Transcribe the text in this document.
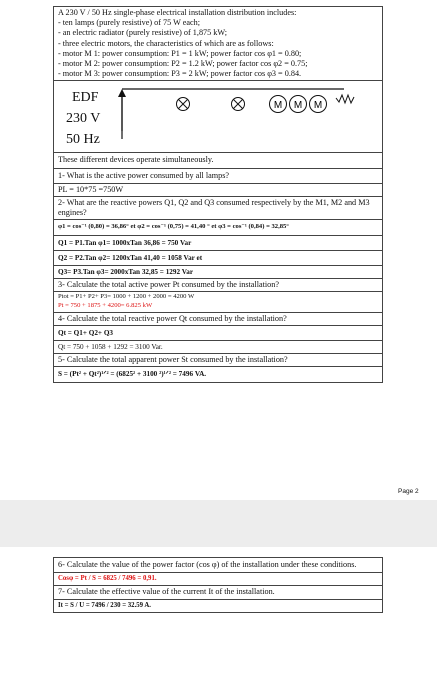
A 230 V / 50 Hz single-phase electrical installation distribution includes:
- ten lamps (purely resistive) of 75 W each;
- an electric radiator (purely resistive) of 1,875 kW;
- three electric motors, the characteristics of which are as follows:
- motor M 1: power consumption: P1 = 1 kW; power factor cos φ1 = 0.80;
- motor M 2: power consumption: P2 = 1.2 kW; power factor cos φ2 = 0.75;
- motor M 3: power consumption: P3 = 2 kW; power factor cos φ3 = 0.84.
EDF
230 V
50 Hz
M M M
These different devices operate simultaneously.
1- What is the active power consumed by all lamps?
PL = 10*75 =750W
2- What are the reactive powers Q1, Q2 and Q3 consumed respectively by the M1, M2 and M3 engines?
φ1 = cos⁻¹ (0,80) = 36,86° et φ2 = cos⁻¹ (0,75) = 41,40 ° et φ3 = cos⁻¹ (0,84) = 32,85°
Q1 = P1.Tan φ1= 1000xTan 36,86 = 750 Var
Q2 = P2.Tan φ2= 1200xTan 41,40 = 1058 Var et
Q3= P3.Tan φ3= 2000xTan 32,85 = 1292 Var
3- Calculate the total active power Pt consumed by the installation?
Ptot = P1+ P2+ P3= 1000 + 1200 + 2000 = 4200 W
Pt = 750 + 1875 + 4200= 6.825 kW
4- Calculate the total reactive power Qt consumed by the installation?
Qt = Q1+ Q2+ Q3
Qt = 750 + 1058 + 1292 = 3100 Var.
5- Calculate the total apparent power St consumed by the installation?
S = (Pt² + Qt²)¹ᐟ² = (6825² + 3100 ²)¹ᐟ² = 7496 VA.
Page 2
6- Calculate the value of the power factor (cos φ) of the installation under these conditions.
Cosφ = Pt / S = 6825 / 7496 = 0,91.
7- Calculate the effective value of the current It of the installation.
It = S / U = 7496 / 230 = 32.59 A.
